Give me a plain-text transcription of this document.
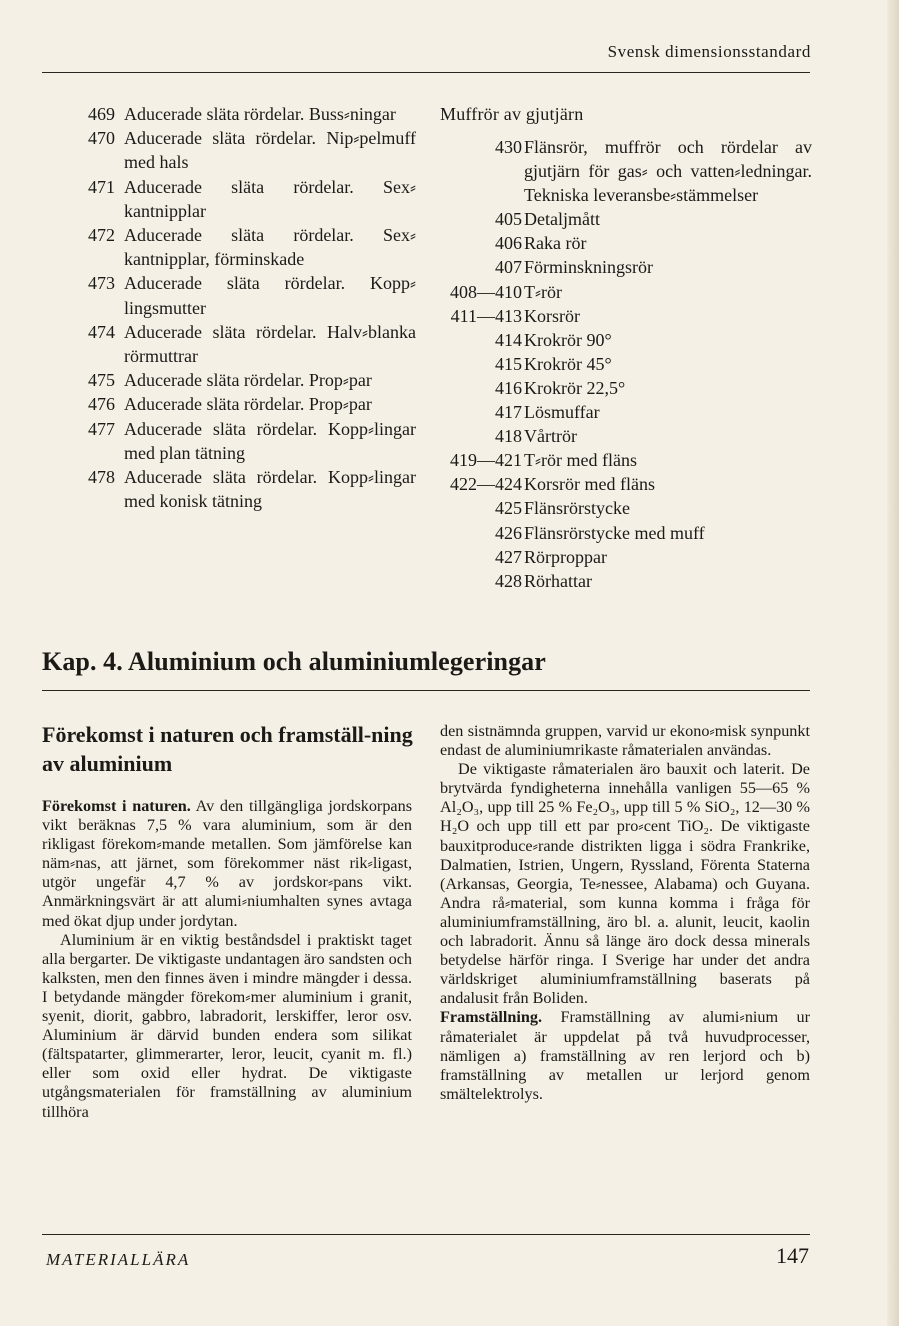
Svensk dimensionsstandard
469 Aducerade släta rördelar. Buss⸗ningar
470 Aducerade släta rördelar. Nip⸗pelmuff med hals
471 Aducerade släta rördelar. Sex⸗kantnipplar
472 Aducerade släta rördelar. Sex⸗kantnipplar, förminskade
473 Aducerade släta rördelar. Kopp⸗lingsmutter
474 Aducerade släta rördelar. Halv⸗blanka rörmuttrar
475 Aducerade släta rördelar. Prop⸗par
476 Aducerade släta rördelar. Prop⸗par
477 Aducerade släta rördelar. Kopp⸗lingar med plan tätning
478 Aducerade släta rördelar. Kopp⸗lingar med konisk tätning
Muffrör av gjutjärn
430 Flänsrör, muffrör och rördelar av gjutjärn för gas⸗ och vatten⸗ledningar. Tekniska leveransbe⸗stämmelser
405 Detaljmått
406 Raka rör
407 Förminskningsrör
408—410 T⸗rör
411—413 Korsrör
414 Krokrör 90°
415 Krokrör 45°
416 Krokrör 22,5°
417 Lösmuffar
418 Vårtrör
419—421 T⸗rör med fläns
422—424 Korsrör med fläns
425 Flänsrörstycke
426 Flänsrörstycke med muff
427 Rörproppar
428 Rörhattar
Kap. 4. Aluminium och aluminiumlegeringar
Förekomst i naturen och framställ-ning av aluminium

Förekomst i naturen. Av den tillgängliga jordskorpans vikt beräknas 7,5 % vara aluminium, som är den rikligast förekom⸗mande metallen. Som jämförelse kan näm⸗nas, att järnet, som förekommer näst rik⸗ligast, utgör ungefär 4,7 % av jordskor⸗pans vikt. Anmärkningsvärt är att alumi⸗niumhalten synes avtaga med ökat djup under jordytan.

Aluminium är en viktig beståndsdel i praktiskt taget alla bergarter. De viktigaste undantagen äro sandsten och kalksten, men den finnes även i mindre mängder i dessa. I betydande mängder förekom⸗mer aluminium i granit, syenit, diorit, gabbro, labradorit, lerskiffer, leror osv. Aluminium är därvid bunden endera som silikat (fältspatarter, glimmerarter, leror, leucit, cyanit m. fl.) eller som oxid eller hydrat. De viktigaste utgångsmaterialen för framställning av aluminium tillhöra

den sistnämnda gruppen, varvid ur ekono⸗misk synpunkt endast de aluminiumrikaste råmaterialen användas.

De viktigaste råmaterialen äro bauxit och laterit. De brytvärda fyndigheterna innehålla vanligen 55—65 % Al₂O₃, upp till 25 % Fe₂O₃, upp till 5 % SiO₂, 12—30 % H₂O och upp till ett par pro⸗cent TiO₂. De viktigaste bauxitproduce⸗rande distrikten ligga i södra Frankrike, Dalmatien, Istrien, Ungern, Ryssland, Förenta Staterna (Arkansas, Georgia, Te⸗nessee, Alabama) och Guyana. Andra rå⸗material, som kunna komma i fråga för aluminiumframställning, äro bl. a. alunit, leucit, kaolin och labradorit. Ännu så länge äro dock dessa minerals betydelse härför ringa. I Sverige har under det andra världskriget aluminiumframställning baserats på andalusit från Boliden.

Framställning. Framställning av alumi⸗nium ur råmaterialet är uppdelat på två huvudprocesser, nämligen a) framställning av ren lerjord och b) framställning av metallen ur lerjord genom smältelektrolys.

MATERIALLÄRA	147
